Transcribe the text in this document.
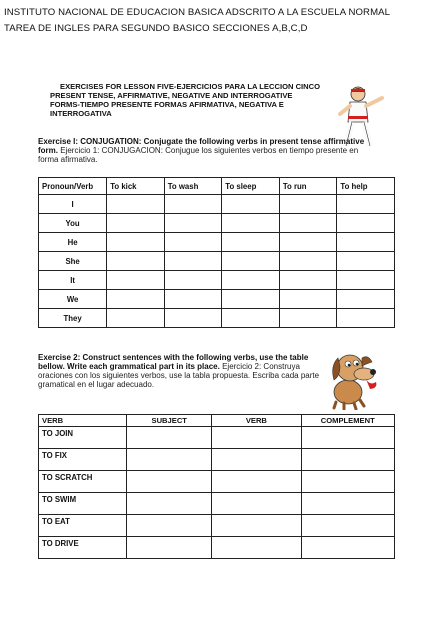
INSTITUTO NACIONAL DE EDUCACION BASICA ADSCRITO A LA ESCUELA NORMAL
TAREA DE INGLES PARA SEGUNDO BASICO SECCIONES A,B,C,D
EXERCISES FOR LESSON FIVE-EJERCICIOS PARA LA LECCION CINCO
PRESENT TENSE, AFFIRMATIVE, NEGATIVE AND INTERROGATIVE
FORMS-TIEMPO PRESENTE FORMAS AFIRMATIVA, NEGATIVA E
INTERROGATIVA
Exercise I: CONJUGATION: Conjugate the following verbs in present tense affirmative form. Ejercicio 1: CONJUGACION: Conjugue los siguientes verbos en tiempo presente en forma afirmativa.
Pronoun/Verb	To kick	To wash	To sleep	To run	To help
I					
You					
He					
She					
It					
We					
They					
Exercise 2: Construct sentences with the following verbs, use the table bellow. Write each grammatical part in its place. Ejercicio 2: Construya oraciones con los siguientes verbos, use la tabla propuesta. Escriba cada parte gramatical en el lugar adecuado.
VERB	SUBJECT	VERB	COMPLEMENT
TO JOIN			
TO FIX			
TO SCRATCH			
TO SWIM			
TO EAT			
TO DRIVE			
